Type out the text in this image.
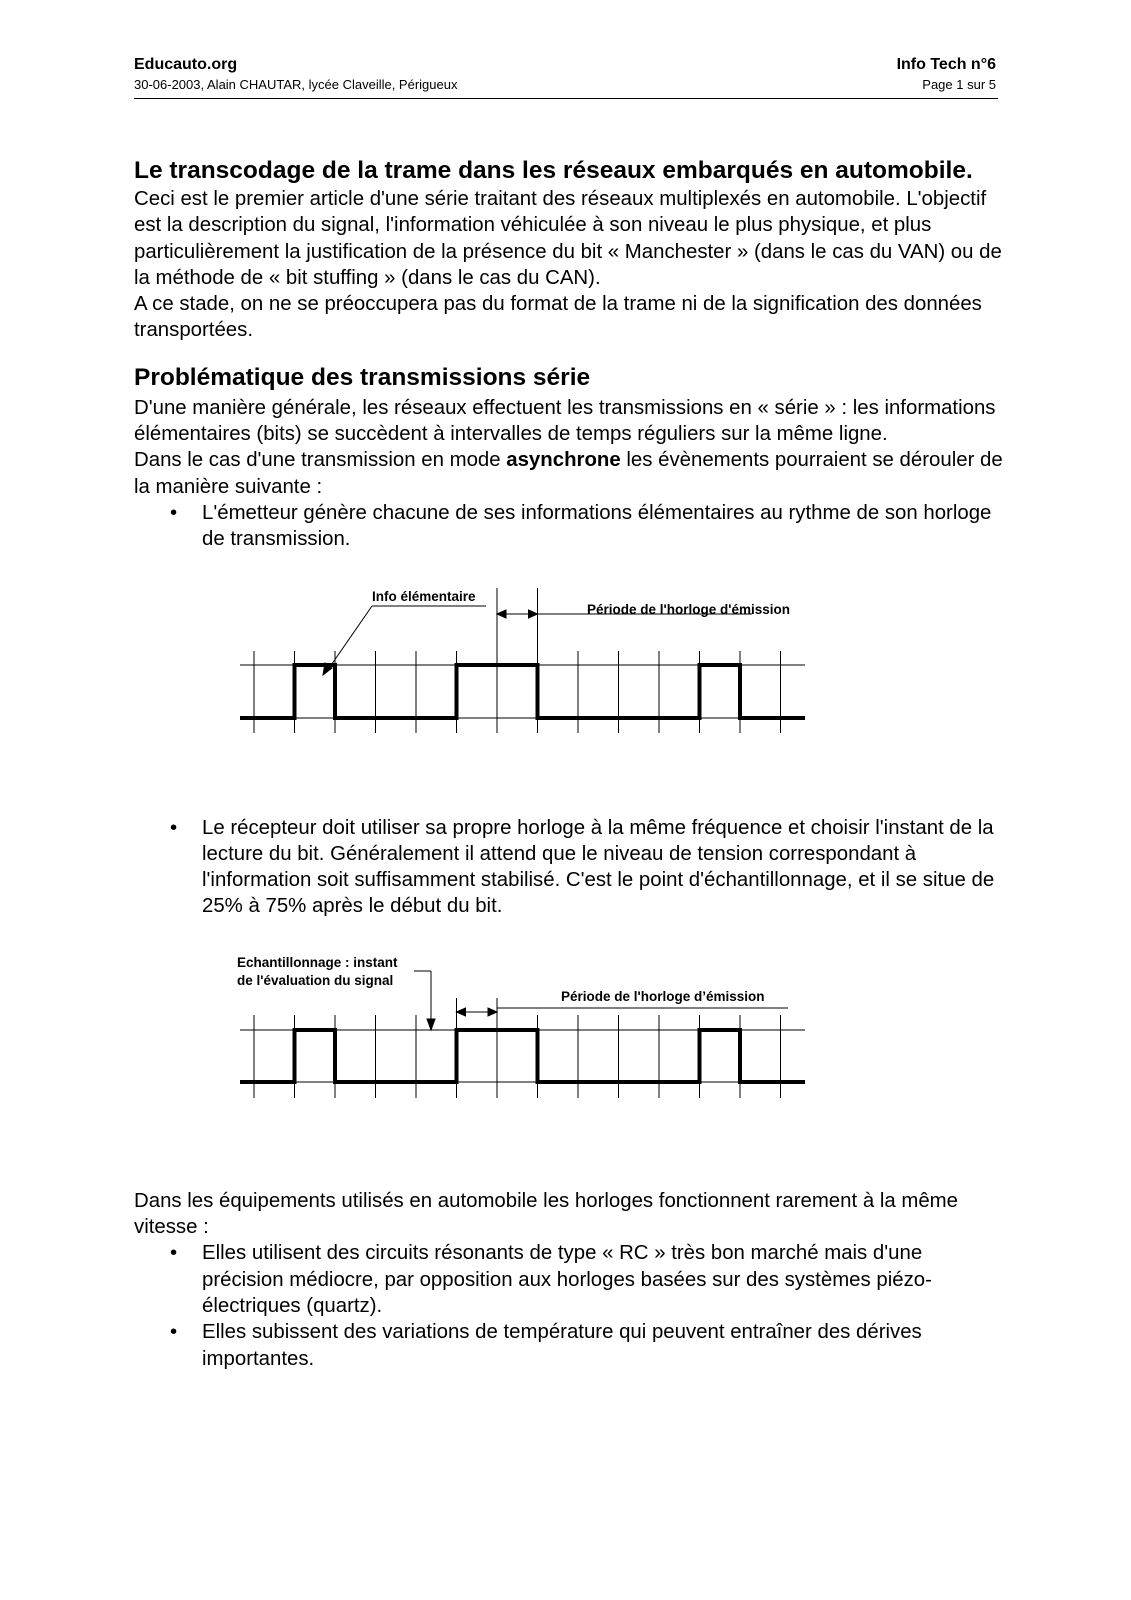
Educauto.org
30-06-2003, Alain CHAUTAR, lycée Claveille, Périgueux
Info Tech n°6
Page 1 sur 5
Le transcodage de la trame dans les réseaux embarqués en automobile.

Ceci est le premier article d'une série traitant des réseaux multiplexés en automobile. L'objectif est la description du signal, l'information véhiculée à son niveau le plus physique, et plus particulièrement la justification de la présence du bit « Manchester » (dans le cas du VAN) ou de la méthode de « bit stuffing » (dans le cas du CAN).

A ce stade, on ne se préoccupera pas du format de la trame ni de la signification des données transportées.

Problématique des transmissions série

D'une manière générale, les réseaux effectuent les transmissions en « série » : les informations élémentaires (bits) se succèdent à intervalles de temps réguliers sur la même ligne.

Dans le cas d'une transmission en mode asynchrone les évènements pourraient se dérouler de la manière suivante :

• L'émetteur génère chacune de ses informations élémentaires au rythme de son horloge de transmission.
Info élémentaire
Période de l'horloge d'émission
• Le récepteur doit utiliser sa propre horloge à la même fréquence et choisir l'instant de la lecture du bit. Généralement il attend que le niveau de tension correspondant à l'information soit suffisamment stabilisé. C'est le point d'échantillonnage, et il se situe de 25% à 75% après le début du bit.
Echantillonnage : instant
de l'évaluation du signal
Période de l'horloge d’émission

Dans les équipements utilisés en automobile les horloges fonctionnent rarement à la même vitesse :

• Elles utilisent des circuits résonants de type « RC » très bon marché mais d'une précision médiocre, par opposition aux horloges basées sur des systèmes piézo-électriques (quartz).
• Elles subissent des variations de température qui peuvent entraîner des dérives importantes.
